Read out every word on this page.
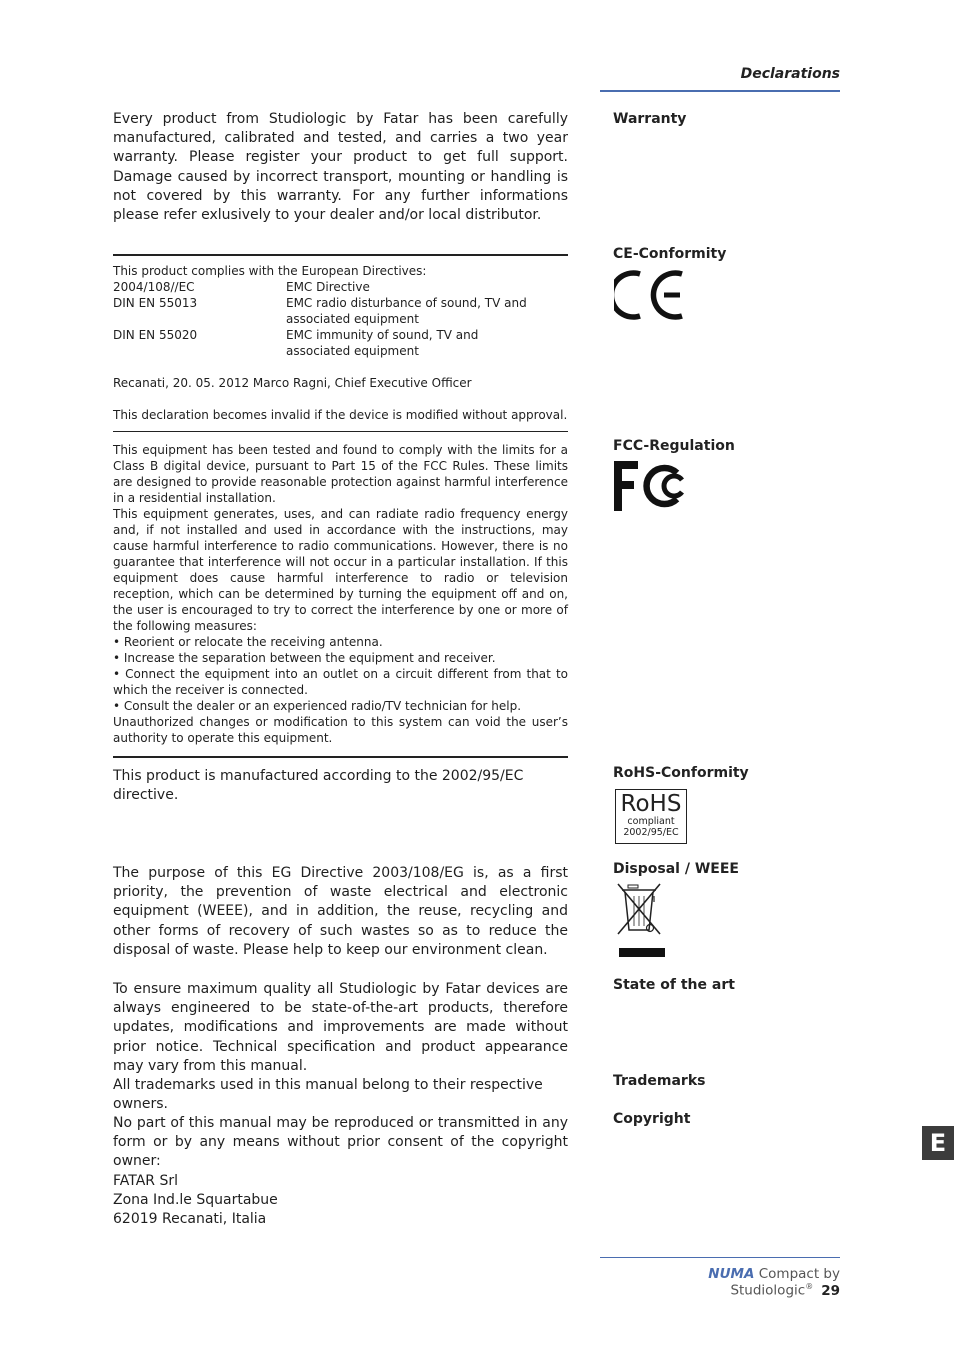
Declarations
Warranty
CE-Conformity
FCC-Regulation
RoHS-Conformity
Disposal / WEEE
State of the art
Trademarks
Copyright

Every product from Studiologic by Fatar has been carefully manufactured, calibrated and tested, and carries a two year warranty. Please register your product to get full support. Damage caused by incorrect transport, mounting or handling is not covered by this warranty. For any further informations please refer exlusively to your dealer and/or local distributor.

This product complies with the European Directives:
2004/108//EC	EMC Directive
DIN EN 55013	EMC radio disturbance of sound, TV and associated equipment
DIN EN 55020	EMC immunity of sound, TV and associated equipment
Recanati, 20. 05. 2012 Marco Ragni, Chief Executive Officer
This declaration becomes invalid if the device is modified without approval.
This equipment has been tested and found to comply with the limits for a Class B digital device, pursuant to Part 15 of the FCC Rules. These limits are designed to provide reasonable protection against harmful interference in a residential installation.
This equipment generates, uses, and can radiate radio frequency energy and, if not installed and used in accordance with the instructions, may cause harmful interference to radio communications. However, there is no guarantee that interference will not occur in a particular installation. If this equipment does cause harmful interference to radio or television reception, which can be determined by turning the equipment off and on, the user is encouraged to try to correct the interference by one or more of the following measures:
• Reorient or relocate the receiving antenna.
• Increase the separation between the equipment and receiver.
• Connect the equipment into an outlet on a circuit different from that to which the receiver is connected.
• Consult the dealer or an experienced radio/TV technician for help.
Unauthorized changes or modification to this system can void the user’s authority to operate this equipment.

This product is manufactured according to the 2002/95/EC directive.	RoHS
compliant
2002/95/EC

The purpose of this EG Directive 2003/108/EG is, as a first priority, the prevention of waste electrical and electronic equipment (WEEE), and in addition, the reuse, recycling and other forms of recovery of such wastes so as to reduce the disposal of waste. Please help to keep our environment clean.

To ensure maximum quality all Studiologic by Fatar devices are always engineered to be state-of-the-art products, therefore updates, modifications and improvements are made without prior notice. Technical specification and product appearance may vary from this manual.

All trademarks used in this manual belong to their respective owners.

No part of this manual may be reproduced or transmitted in any form or by any means without prior consent of the copyright owner:

FATAR Srl
Zona Ind.le Squartabue
62019 Recanati, Italia
NUMA Compact by Studiologic® 29
E
